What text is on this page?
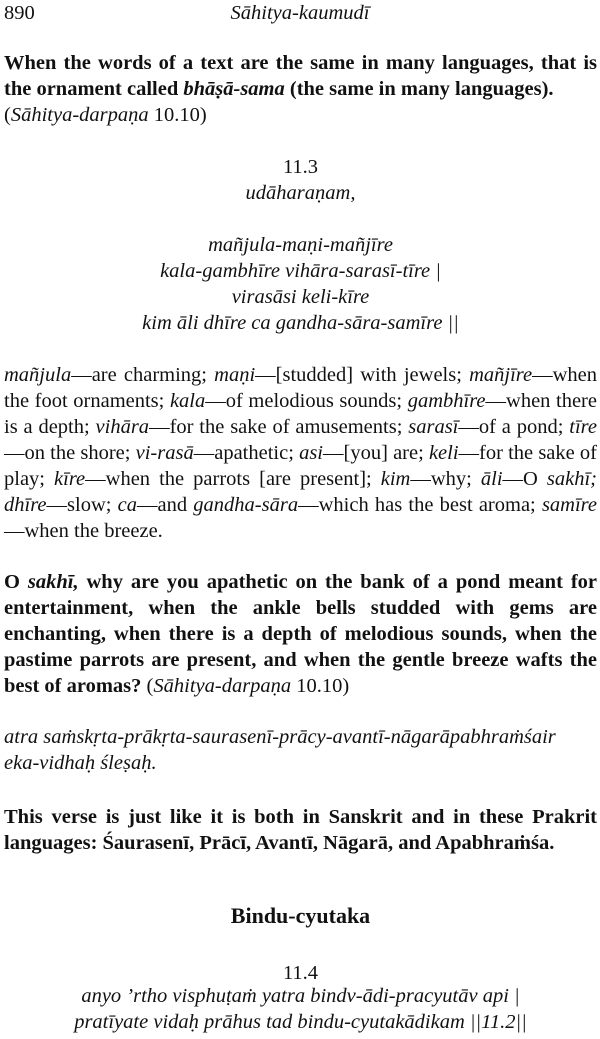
890	Sāhitya-kaumudī

When the words of a text are the same in many languages, that is the ornament called bhāṣā-sama (the same in many languages).
(Sāhitya-darpaṇa 10.10)

11.3
udāharaṇam,
mañjula-maṇi-mañjīre
kala-gambhīre vihāra-sarasī-tīre |
virasāsi keli-kīre
kim āli dhīre ca gandha-sāra-samīre ||

mañjula—are charming; maṇi—[studded] with jewels; mañjīre—when the foot ornaments; kala—of melodious sounds; gambhīre—when there is a depth; vihāra—for the sake of amusements; sarasī—of a pond; tīre—on the shore; vi-rasā—apathetic; asi—[you] are; keli—for the sake of play; kīre—when the parrots [are present]; kim—why; āli—O sakhī; dhīre—slow; ca—and gandha-sāra—which has the best aroma; samīre—when the breeze.

O sakhī, why are you apathetic on the bank of a pond meant for entertainment, when the ankle bells studded with gems are enchanting, when there is a depth of melodious sounds, when the pastime parrots are present, and when the gentle breeze wafts the best of aromas? (Sāhitya-darpaṇa 10.10)

atra saṁskṛta-prākṛta-saurasenī-prācy-avantī-nāgarāpabhraṁśair
eka-vidhaḥ śleṣaḥ.

This verse is just like it is both in Sanskrit and in these Prakrit languages: Śaurasenī, Prācī, Avantī, Nāgarā, and Apabhraṁśa.

Bindu-cyutaka
11.4
anyo ’rtho visphuṭaṁ yatra bindv-ādi-pracyutāv api |
pratīyate vidaḥ prāhus tad bindu-cyutakādikam ||11.2||
